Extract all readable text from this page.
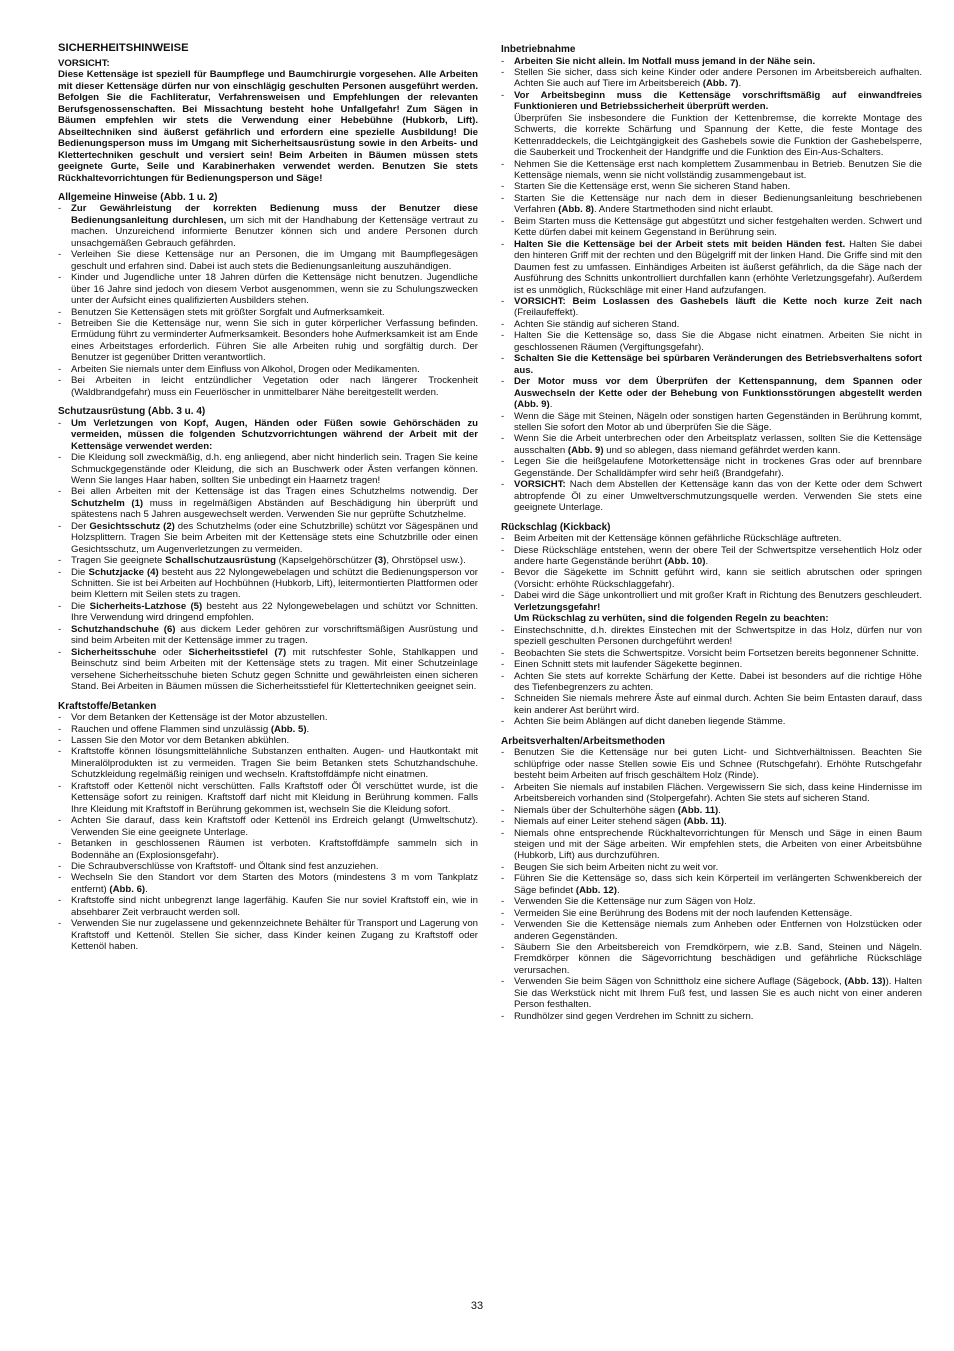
SICHERHEITSHINWEISE

VORSICHT:

Diese Kettensäge ist speziell für Baumpflege und Baumchirurgie vorgesehen. Alle Arbeiten mit dieser Kettensäge dürfen nur von einschlägig geschulten Personen ausgeführt werden. Befolgen Sie die Fachliteratur, Verfahrensweisen und Empfehlungen der relevanten Berufsgenossenschaften. Bei Missachtung besteht hohe Unfallgefahr! Zum Sägen in Bäumen empfehlen wir stets die Verwendung einer Hebebühne (Hubkorb, Lift). Abseiltechniken sind äußerst gefährlich und erfordern eine spezielle Ausbildung! Die Bedienungsperson muss im Umgang mit Sicherheitsausrüstung sowie in den Arbeits- und Klettertechniken geschult und versiert sein! Beim Arbeiten in Bäumen müssen stets geeignete Gurte, Seile und Karabinerhaken verwendet werden. Benutzen Sie stets Rückhaltevorrichtungen für Bedienungsperson und Säge!

Allgemeine Hinweise (Abb. 1 u. 2)
- Zur Gewährleistung der korrekten Bedienung muss der Benutzer diese Bedienungsanleitung durchlesen, um sich mit der Handhabung der Kettensäge vertraut zu machen. Unzureichend informierte Benutzer können sich und andere Personen durch unsachgemäßen Gebrauch gefährden.
- Verleihen Sie diese Kettensäge nur an Personen, die im Umgang mit Baumpflegesägen geschult und erfahren sind. Dabei ist auch stets die Bedienungsanleitung auszuhändigen.
- Kinder und Jugendliche unter 18 Jahren dürfen die Kettensäge nicht benutzen. Jugendliche über 16 Jahre sind jedoch von diesem Verbot ausgenommen, wenn sie zu Schulungszwecken unter der Aufsicht eines qualifizierten Ausbilders stehen.
- Benutzen Sie Kettensägen stets mit größter Sorgfalt und Aufmerksamkeit.
- Betreiben Sie die Kettensäge nur, wenn Sie sich in guter körperlicher Verfassung befinden. Ermüdung führt zu verminderter Aufmerksamkeit. Besonders hohe Aufmerksamkeit ist am Ende eines Arbeitstages erforderlich. Führen Sie alle Arbeiten ruhig und sorgfältig durch. Der Benutzer ist gegenüber Dritten verantwortlich.
- Arbeiten Sie niemals unter dem Einfluss von Alkohol, Drogen oder Medikamenten.
- Bei Arbeiten in leicht entzündlicher Vegetation oder nach längerer Trockenheit (Waldbrandgefahr) muss ein Feuerlöscher in unmittelbarer Nähe bereitgestellt werden.
Schutzausrüstung (Abb. 3 u. 4)
- Um Verletzungen von Kopf, Augen, Händen oder Füßen sowie Gehörschäden zu vermeiden, müssen die folgenden Schutzvorrichtungen während der Arbeit mit der Kettensäge verwendet werden:
- Die Kleidung soll zweckmäßig, d.h. eng anliegend, aber nicht hinderlich sein. Tragen Sie keine Schmuckgegenstände oder Kleidung, die sich an Buschwerk oder Ästen verfangen können. Wenn Sie langes Haar haben, sollten Sie unbedingt ein Haarnetz tragen!
- Bei allen Arbeiten mit der Kettensäge ist das Tragen eines Schutzhelms notwendig. Der Schutzhelm (1) muss in regelmäßigen Abständen auf Beschädigung hin überprüft und spätestens nach 5 Jahren ausgewechselt werden. Verwenden Sie nur geprüfte Schutzhelme.
- Der Gesichtsschutz (2) des Schutzhelms (oder eine Schutzbrille) schützt vor Sägespänen und Holzsplittern. Tragen Sie beim Arbeiten mit der Kettensäge stets eine Schutzbrille oder einen Gesichtsschutz, um Augenverletzungen zu vermeiden.
- Tragen Sie geeignete Schallschutzausrüstung (Kapselgehörschützer (3), Ohrstöpsel usw.).
- Die Schutzjacke (4) besteht aus 22 Nylongewebelagen und schützt die Bedienungsperson vor Schnitten. Sie ist bei Arbeiten auf Hochbühnen (Hubkorb, Lift), leitermontierten Plattformen oder beim Klettern mit Seilen stets zu tragen.
- Die Sicherheits-Latzhose (5) besteht aus 22 Nylongewebelagen und schützt vor Schnitten. Ihre Verwendung wird dringend empfohlen.
- Schutzhandschuhe (6) aus dickem Leder gehören zur vorschriftsmäßigen Ausrüstung und sind beim Arbeiten mit der Kettensäge immer zu tragen.
- Sicherheitsschuhe oder Sicherheitsstiefel (7) mit rutschfester Sohle, Stahlkappen und Beinschutz sind beim Arbeiten mit der Kettensäge stets zu tragen. Mit einer Schutzeinlage versehene Sicherheitsschuhe bieten Schutz gegen Schnitte und gewährleisten einen sicheren Stand. Bei Arbeiten in Bäumen müssen die Sicherheitsstiefel für Klettertechniken geeignet sein.
Kraftstoffe/Betanken
- Vor dem Betanken der Kettensäge ist der Motor abzustellen.
- Rauchen und offene Flammen sind unzulässig (Abb. 5).
- Lassen Sie den Motor vor dem Betanken abkühlen.
- Kraftstoffe können lösungsmittelähnliche Substanzen enthalten. Augen- und Hautkontakt mit Mineralölprodukten ist zu vermeiden. Tragen Sie beim Betanken stets Schutzhandschuhe. Schutzkleidung regelmäßig reinigen und wechseln. Kraftstoffdämpfe nicht einatmen.
- Kraftstoff oder Kettenöl nicht verschütten. Falls Kraftstoff oder Öl verschüttet wurde, ist die Kettensäge sofort zu reinigen. Kraftstoff darf nicht mit Kleidung in Berührung kommen. Falls Ihre Kleidung mit Kraftstoff in Berührung gekommen ist, wechseln Sie die Kleidung sofort.
- Achten Sie darauf, dass kein Kraftstoff oder Kettenöl ins Erdreich gelangt (Umweltschutz). Verwenden Sie eine geeignete Unterlage.
- Betanken in geschlossenen Räumen ist verboten. Kraftstoffdämpfe sammeln sich in Bodennähe an (Explosionsgefahr).
- Die Schraubverschlüsse von Kraftstoff- und Öltank sind fest anzuziehen.
- Wechseln Sie den Standort vor dem Starten des Motors (mindestens 3 m vom Tankplatz entfernt) (Abb. 6).
- Kraftstoffe sind nicht unbegrenzt lange lagerfähig. Kaufen Sie nur soviel Kraftstoff ein, wie in absehbarer Zeit verbraucht werden soll.
- Verwenden Sie nur zugelassene und gekennzeichnete Behälter für Transport und Lagerung von Kraftstoff und Kettenöl. Stellen Sie sicher, dass Kinder keinen Zugang zu Kraftstoff oder Kettenöl haben.
Inbetriebnahme
- Arbeiten Sie nicht allein. Im Notfall muss jemand in der Nähe sein.
- Stellen Sie sicher, dass sich keine Kinder oder andere Personen im Arbeitsbereich aufhalten. Achten Sie auch auf Tiere im Arbeitsbereich (Abb. 7).
- Vor Arbeitsbeginn muss die Kettensäge vorschriftsmäßig auf einwandfreies Funktionieren und Betriebssicherheit überprüft werden.
Überprüfen Sie insbesondere die Funktion der Kettenbremse, die korrekte Montage des Schwerts, die korrekte Schärfung und Spannung der Kette, die feste Montage des Kettenraddeckels, die Leichtgängigkeit des Gashebels sowie die Funktion der Gashebelsperre, die Sauberkeit und Trockenheit der Handgriffe und die Funktion des Ein-Aus-Schalters.
- Nehmen Sie die Kettensäge erst nach komplettem Zusammenbau in Betrieb. Benutzen Sie die Kettensäge niemals, wenn sie nicht vollständig zusammengebaut ist.
- Starten Sie die Kettensäge erst, wenn Sie sicheren Stand haben.
- Starten Sie die Kettensäge nur nach dem in dieser Bedienungsanleitung beschriebenen Verfahren (Abb. 8). Andere Startmethoden sind nicht erlaubt.
- Beim Starten muss die Kettensäge gut abgestützt und sicher festgehalten werden. Schwert und Kette dürfen dabei mit keinem Gegenstand in Berührung sein.
- Halten Sie die Kettensäge bei der Arbeit stets mit beiden Händen fest. Halten Sie dabei den hinteren Griff mit der rechten und den Bügelgriff mit der linken Hand. Die Griffe sind mit den Daumen fest zu umfassen. Einhändiges Arbeiten ist äußerst gefährlich, da die Säge nach der Ausführung des Schnitts unkontrolliert durchfallen kann (erhöhte Verletzungsgefahr). Außerdem ist es unmöglich, Rückschläge mit einer Hand aufzufangen.
- VORSICHT: Beim Loslassen des Gashebels läuft die Kette noch kurze Zeit nach (Freilaufeffekt).
- Achten Sie ständig auf sicheren Stand.
- Halten Sie die Kettensäge so, dass Sie die Abgase nicht einatmen. Arbeiten Sie nicht in geschlossenen Räumen (Vergiftungsgefahr).
- Schalten Sie die Kettensäge bei spürbaren Veränderungen des Betriebsverhaltens sofort aus.
- Der Motor muss vor dem Überprüfen der Kettenspannung, dem Spannen oder Auswechseln der Kette oder der Behebung von Funktionsstörungen abgestellt werden (Abb. 9).
- Wenn die Säge mit Steinen, Nägeln oder sonstigen harten Gegenständen in Berührung kommt, stellen Sie sofort den Motor ab und überprüfen Sie die Säge.
- Wenn Sie die Arbeit unterbrechen oder den Arbeitsplatz verlassen, sollten Sie die Kettensäge ausschalten (Abb. 9) und so ablegen, dass niemand gefährdet werden kann.
- Legen Sie die heißgelaufene Motorkettensäge nicht in trockenes Gras oder auf brennbare Gegenstände. Der Schalldämpfer wird sehr heiß (Brandgefahr).
- VORSICHT: Nach dem Abstellen der Kettensäge kann das von der Kette oder dem Schwert abtropfende Öl zu einer Umweltverschmutzungsquelle werden. Verwenden Sie stets eine geeignete Unterlage.
Rückschlag (Kickback)
- Beim Arbeiten mit der Kettensäge können gefährliche Rückschläge auftreten.
- Diese Rückschläge entstehen, wenn der obere Teil der Schwertspitze versehentlich Holz oder andere harte Gegenstände berührt (Abb. 10).
- Bevor die Sägekette im Schnitt geführt wird, kann sie seitlich abrutschen oder springen (Vorsicht: erhöhte Rückschlaggefahr).
- Dabei wird die Säge unkontrolliert und mit großer Kraft in Richtung des Benutzers geschleudert. Verletzungsgefahr!
Um Rückschlag zu verhüten, sind die folgenden Regeln zu beachten:
- Einstechschnitte, d.h. direktes Einstechen mit der Schwertspitze in das Holz, dürfen nur von speziell geschulten Personen durchgeführt werden!
- Beobachten Sie stets die Schwertspitze. Vorsicht beim Fortsetzen bereits begonnener Schnitte.
- Einen Schnitt stets mit laufender Sägekette beginnen.
- Achten Sie stets auf korrekte Schärfung der Kette. Dabei ist besonders auf die richtige Höhe des Tiefenbegrenzers zu achten.
- Schneiden Sie niemals mehrere Äste auf einmal durch. Achten Sie beim Entasten darauf, dass kein anderer Ast berührt wird.
- Achten Sie beim Ablängen auf dicht daneben liegende Stämme.
Arbeitsverhalten/Arbeitsmethoden
- Benutzen Sie die Kettensäge nur bei guten Licht- und Sichtverhältnissen. Beachten Sie schlüpfrige oder nasse Stellen sowie Eis und Schnee (Rutschgefahr). Erhöhte Rutschgefahr besteht beim Arbeiten auf frisch geschältem Holz (Rinde).
- Arbeiten Sie niemals auf instabilen Flächen. Vergewissern Sie sich, dass keine Hindernisse im Arbeitsbereich vorhanden sind (Stolpergefahr). Achten Sie stets auf sicheren Stand.
- Niemals über der Schulterhöhe sägen (Abb. 11).
- Niemals auf einer Leiter stehend sägen (Abb. 11).
- Niemals ohne entsprechende Rückhaltevorrichtungen für Mensch und Säge in einen Baum steigen und mit der Säge arbeiten. Wir empfehlen stets, die Arbeiten von einer Arbeitsbühne (Hubkorb, Lift) aus durchzuführen.
- Beugen Sie sich beim Arbeiten nicht zu weit vor.
- Führen Sie die Kettensäge so, dass sich kein Körperteil im verlängerten Schwenkbereich der Säge befindet (Abb. 12).
- Verwenden Sie die Kettensäge nur zum Sägen von Holz.
- Vermeiden Sie eine Berührung des Bodens mit der noch laufenden Kettensäge.
- Verwenden Sie die Kettensäge niemals zum Anheben oder Entfernen von Holzstücken oder anderen Gegenständen.
- Säubern Sie den Arbeitsbereich von Fremdkörpern, wie z.B. Sand, Steinen und Nägeln. Fremdkörper können die Sägevorrichtung beschädigen und gefährliche Rückschläge verursachen.
- Verwenden Sie beim Sägen von Schnittholz eine sichere Auflage (Sägebock, (Abb. 13)). Halten Sie das Werkstück nicht mit Ihrem Fuß fest, und lassen Sie es auch nicht von einer anderen Person festhalten.
- Rundhölzer sind gegen Verdrehen im Schnitt zu sichern.
33
